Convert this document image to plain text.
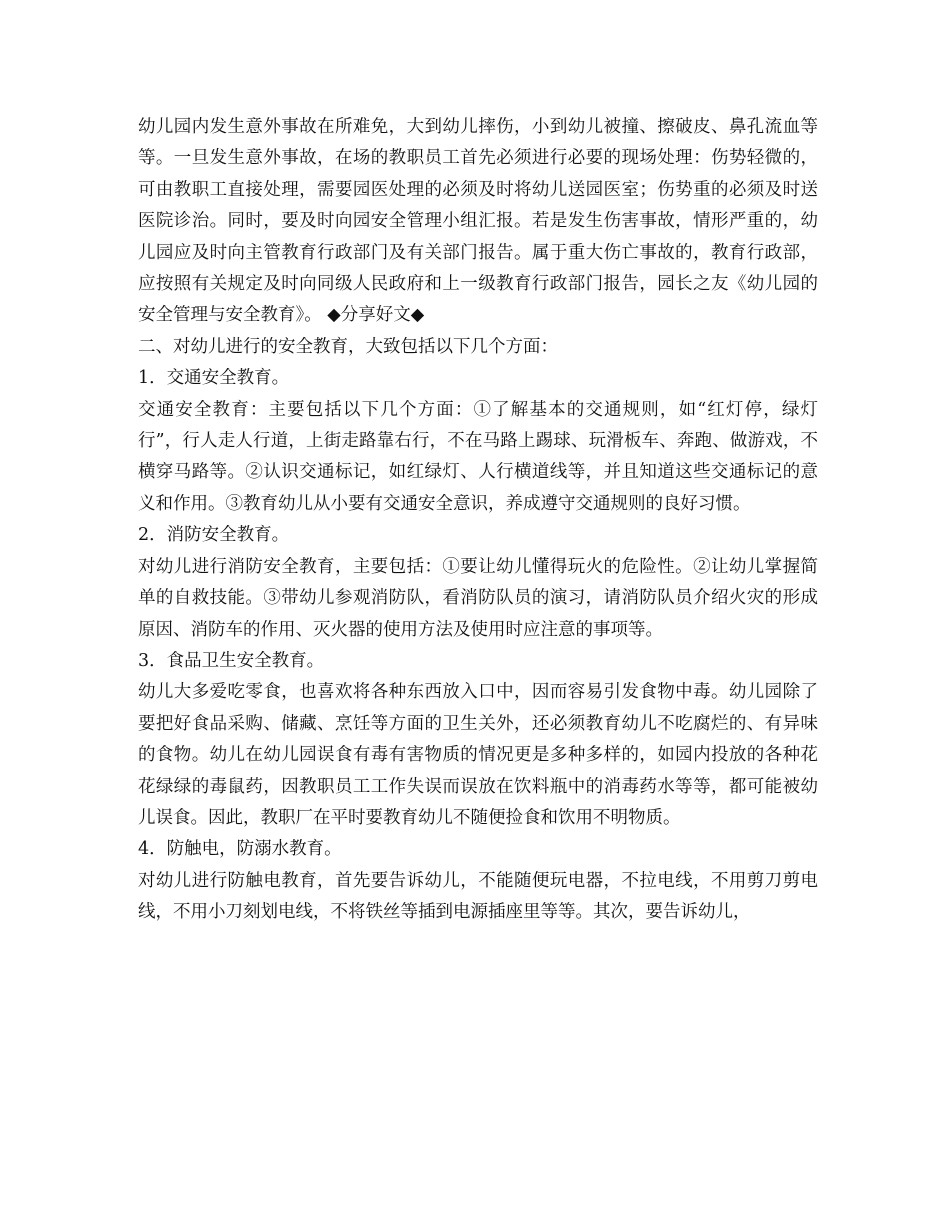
幼儿园内发生意外事故在所难免，大到幼儿摔伤，小到幼儿被撞、擦破皮、鼻孔流血等等。一旦发生意外事故，在场的教职员工首先必须进行必要的现场处理：伤势轻微的，可由教职工直接处理，需要园医处理的必须及时将幼儿送园医室；伤势重的必须及时送医院诊治。同时，要及时向园安全管理小组汇报。若是发生伤害事故，情形严重的，幼儿园应及时向主管教育行政部门及有关部门报告。属于重大伤亡事故的，教育行政部，应按照有关规定及时向同级人民政府和上一级教育行政部门报告，园长之友《幼儿园的安全管理与安全教育》。 ◆分享好文◆

二、对幼儿进行的安全教育，大致包括以下几个方面：

1．交通安全教育。

交通安全教育：主要包括以下几个方面：①了解基本的交通规则，如“红灯停，绿灯行”，行人走人行道，上街走路靠右行，不在马路上踢球、玩滑板车、奔跑、做游戏，不横穿马路等。②认识交通标记，如红绿灯、人行横道线等，并且知道这些交通标记的意义和作用。③教育幼儿从小要有交通安全意识，养成遵守交通规则的良好习惯。

2．消防安全教育。

对幼儿进行消防安全教育，主要包括：①要让幼儿懂得玩火的危险性。②让幼儿掌握简单的自救技能。③带幼儿参观消防队，看消防队员的演习，请消防队员介绍火灾的形成原因、消防车的作用、灭火器的使用方法及使用时应注意的事项等。

3．食品卫生安全教育。

幼儿大多爱吃零食，也喜欢将各种东西放入口中，因而容易引发食物中毒。幼儿园除了要把好食品采购、储藏、烹饪等方面的卫生关外，还必须教育幼儿不吃腐烂的、有异味的食物。幼儿在幼儿园误食有毒有害物质的情况更是多种多样的，如园内投放的各种花花绿绿的毒鼠药，因教职员工工作失误而误放在饮料瓶中的消毒药水等等，都可能被幼儿误食。因此，教职厂在平时要教育幼儿不随便捡食和饮用不明物质。

4．防触电，防溺水教育。

对幼儿进行防触电教育，首先要告诉幼儿，不能随便玩电器，不拉电线，不用剪刀剪电线，不用小刀刻划电线，不将铁丝等插到电源插座里等等。其次，要告诉幼儿，
